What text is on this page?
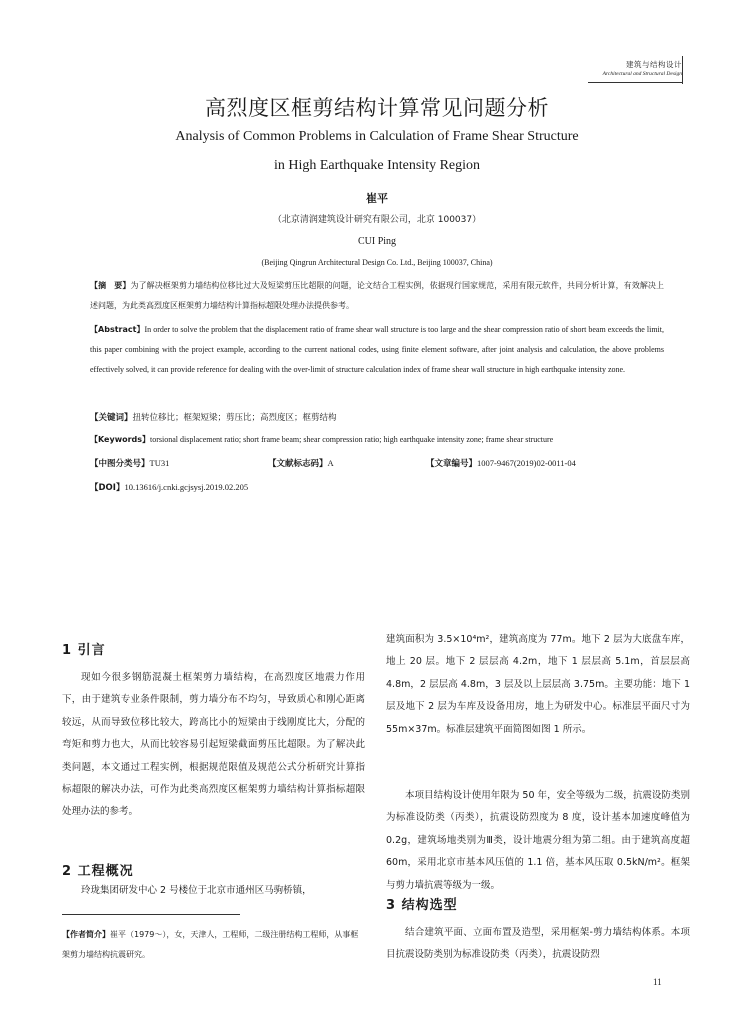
建筑与结构设计
Architectural and Structural Design
高烈度区框剪结构计算常见问题分析
Analysis of Common Problems in Calculation of Frame Shear Structure
in High Earthquake Intensity Region
崔平
（北京清润建筑设计研究有限公司，北京 100037）
CUI Ping
(Beijing Qingrun Architectural Design Co. Ltd., Beijing 100037, China)
【摘　要】为了解决框架剪力墙结构位移比过大及短梁剪压比超限的问题，论文结合工程实例，依据现行国家规范，采用有限元软件，共同分析计算，有效解决上述问题，为此类高烈度区框架剪力墙结构计算指标超限处理办法提供参考。
【Abstract】In order to solve the problem that the displacement ratio of frame shear wall structure is too large and the shear compression ratio of short beam exceeds the limit, this paper combining with the project example, according to the current national codes, using finite element software, after joint analysis and calculation, the above problems effectively solved, it can provide reference for dealing with the over-limit of structure calculation index of frame shear wall structure in high earthquake intensity zone.
【关键词】扭转位移比；框架短梁；剪压比；高烈度区；框剪结构
【Keywords】torsional displacement ratio; short frame beam; shear compression ratio; high earthquake intensity zone; frame shear structure
【中图分类号】TU31	【文献标志码】A	【文章编号】1007-9467(2019)02-0011-04
【DOI】10.13616/j.cnki.gcjsysj.2019.02.205
1 引言
现如今很多钢筋混凝土框架剪力墙结构，在高烈度区地震力作用下，由于建筑专业条件限制，剪力墙分布不均匀，导致质心和刚心距离较远，从而导致位移比较大，跨高比小的短梁由于线刚度比大，分配的弯矩和剪力也大，从而比较容易引起短梁截面剪压比超限。为了解决此类问题，本文通过工程实例，根据规范限值及规范公式分析研究计算指标超限的解决办法，可作为此类高烈度区框架剪力墙结构计算指标超限处理办法的参考。
2 工程概况
玲珑集团研发中心 2 号楼位于北京市通州区马驹桥镇，
【作者简介】崔平（1979～），女，天津人，工程师，二级注册结构工程师，从事框架剪力墙结构抗震研究。
建筑面积为 3.5×10⁴m²，建筑高度为 77m。地下 2 层为大底盘车库，地上 20 层。地下 2 层层高 4.2m，地下 1 层层高 5.1m，首层层高 4.8m，2 层层高 4.8m，3 层及以上层层高 3.75m。主要功能：地下 1 层及地下 2 层为车库及设备用房，地上为研发中心。标准层平面尺寸为 55m×37m。标准层建筑平面简图如图 1 所示。
本项目结构设计使用年限为 50 年，安全等级为二级，抗震设防类别为标准设防类（丙类），抗震设防烈度为 8 度，设计基本加速度峰值为 0.2g，建筑场地类别为Ⅲ类，设计地震分组为第二组。由于建筑高度超 60m，采用北京市基本风压值的 1.1 倍，基本风压取 0.5kN/m²。框架与剪力墙抗震等级为一级。
3 结构选型
结合建筑平面、立面布置及造型，采用框架-剪力墙结构体系。本项目抗震设防类别为标准设防类（丙类），抗震设防烈
11
